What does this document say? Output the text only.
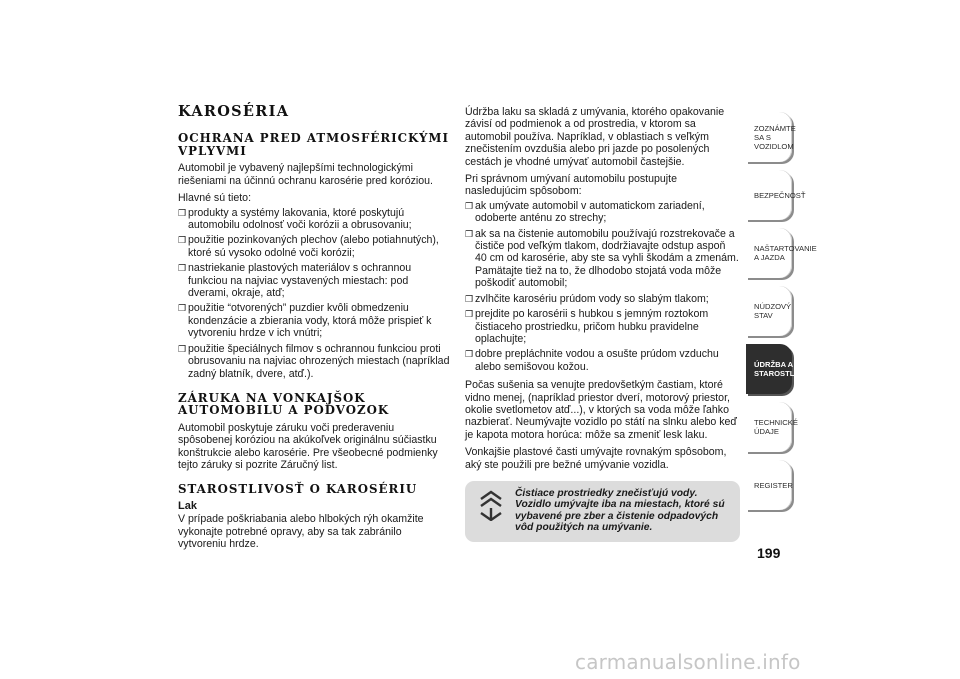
KAROSÉRIA
OCHRANA PRED ATMOSFÉRICKÝMI VPLYVMI

Automobil je vybavený najlepšími technologickými riešeniami na účinnú ochranu karosérie pred koróziou.

Hlavné sú tieto:

❒ produkty a systémy lakovania, ktoré poskytujú automobilu odolnosť voči korózii a obrusovaniu;
❒ použitie pozinkovaných plechov (alebo potiahnutých), ktoré sú vysoko odolné voči korózii;
❒ nastriekanie plastových materiálov s ochrannou funkciou na najviac vystavených miestach: pod dverami, okraje, atď;
❒ použitie “otvorených” puzdier kvôli obmedzeniu kondenzácie a zbierania vody, ktorá môže prispieť k vytvoreniu hrdze v ich vnútri;
❒ použitie špeciálnych filmov s ochrannou funkciou proti obrusovaniu na najviac ohrozených miestach (napríklad zadný blatník, dvere, atď.).
ZÁRUKA NA VONKAJŠOK AUTOMOBILU A PODVOZOK

Automobil poskytuje záruku voči prederaveniu spôsobenej koróziou na akúkoľvek originálnu súčiastku konštrukcie alebo karosérie. Pre všeobecné podmienky tejto záruky si pozrite Záručný list.

STAROSTLIVOSŤ O KAROSÉRIU
Lak

V prípade poškriabania alebo hlbokých rýh okamžite vykonajte potrebné opravy, aby sa tak zabránilo vytvoreniu hrdze.

Údržba laku sa skladá z umývania, ktorého opakovanie závisí od podmienok a od prostredia, v ktorom sa automobil používa. Napríklad, v oblastiach s veľkým znečistením ovzdušia alebo pri jazde po posolených cestách je vhodné umývať automobil častejšie.

Pri správnom umývaní automobilu postupujte nasledujúcim spôsobom:

❒ ak umývate automobil v automatickom zariadení, odoberte anténu zo strechy;
❒ ak sa na čistenie automobilu používajú rozstrekovače a čističe pod veľkým tlakom, dodržiavajte odstup aspoň 40 cm od karosérie, aby ste sa vyhli škodám a zmenám. Pamätajte tiež na to, že dlhodobo stojatá voda môže poškodiť automobil;
❒ zvlhčite karosériu prúdom vody so slabým tlakom;
❒ prejdite po karosérii s hubkou s jemným roztokom čistiaceho prostriedku, pričom hubku pravidelne oplachujte;
❒ dobre prepláchnite vodou a osušte prúdom vzduchu alebo semišovou kožou.

Počas sušenia sa venujte predovšetkým častiam, ktoré vidno menej, (napríklad priestor dverí, motorový priestor, okolie svetlometov atď...), v ktorých sa voda môže ľahko nazbierať. Neumývajte vozidlo po státí na slnku alebo keď je kapota motora horúca: môže sa zmeniť lesk laku.

Vonkajšie plastové časti umývajte rovnakým spôsobom, aký ste použili pre bežné umývanie vozidla.

Čistiace prostriedky znečisťujú vody. Vozidlo umývajte iba na miestach, ktoré sú vybavené pre zber a čistenie odpadových vôd použitých na umývanie.
ZOZNÁMTE SA S VOZIDLOM
BEZPEČNOSŤ
NAŠTARTOVANIE A JAZDA
NÚDZOVÝ STAV
ÚDRŽBA A STAROSTLIVOSŤ
TECHNICKÉ ÚDAJE
REGISTER
199
carmanualsonline.info
